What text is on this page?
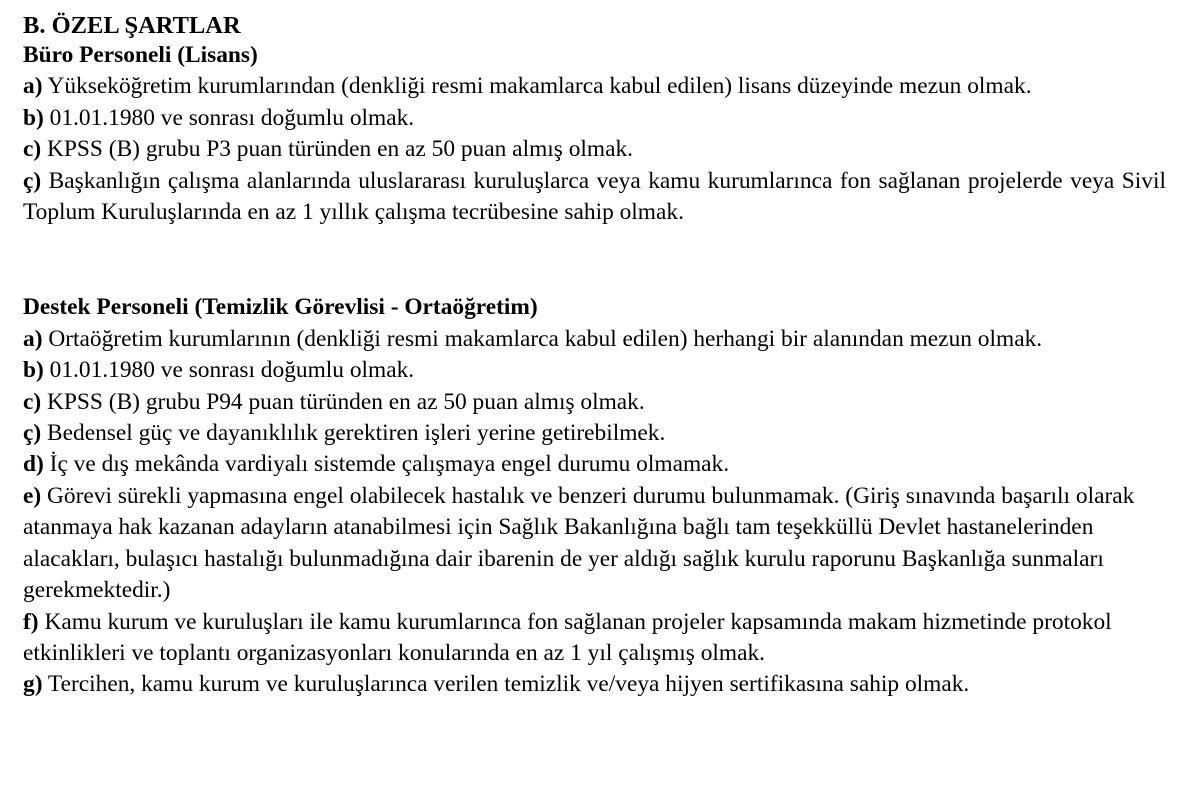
B. ÖZEL ŞARTLAR

Büro Personeli (Lisans)

a) Yükseköğretim kurumlarından (denkliği resmi makamlarca kabul edilen) lisans düzeyinde mezun olmak.

b) 01.01.1980 ve sonrası doğumlu olmak.

c) KPSS (B) grubu P3 puan türünden en az 50 puan almış olmak.

ç) Başkanlığın çalışma alanlarında uluslararası kuruluşlarca veya kamu kurumlarınca fon sağlanan projelerde veya Sivil Toplum Kuruluşlarında en az 1 yıllık çalışma tecrübesine sahip olmak.

Destek Personeli (Temizlik Görevlisi - Ortaöğretim)

a) Ortaöğretim kurumlarının (denkliği resmi makamlarca kabul edilen) herhangi bir alanından mezun olmak.

b) 01.01.1980 ve sonrası doğumlu olmak.

c) KPSS (B) grubu P94 puan türünden en az 50 puan almış olmak.

ç) Bedensel güç ve dayanıklılık gerektiren işleri yerine getirebilmek.

d) İç ve dış mekânda vardiyalı sistemde çalışmaya engel durumu olmamak.

e) Görevi sürekli yapmasına engel olabilecek hastalık ve benzeri durumu bulunmamak. (Giriş sınavında başarılı olarak atanmaya hak kazanan adayların atanabilmesi için Sağlık Bakanlığına bağlı tam teşekküllü Devlet hastanelerinden alacakları, bulaşıcı hastalığı bulunmadığına dair ibarenin de yer aldığı sağlık kurulu raporunu Başkanlığa sunmaları gerekmektedir.)

f) Kamu kurum ve kuruluşları ile kamu kurumlarınca fon sağlanan projeler kapsamında makam hizmetinde protokol etkinlikleri ve toplantı organizasyonları konularında en az 1 yıl çalışmış olmak.

g) Tercihen, kamu kurum ve kuruluşlarınca verilen temizlik ve/veya hijyen sertifikasına sahip olmak.
